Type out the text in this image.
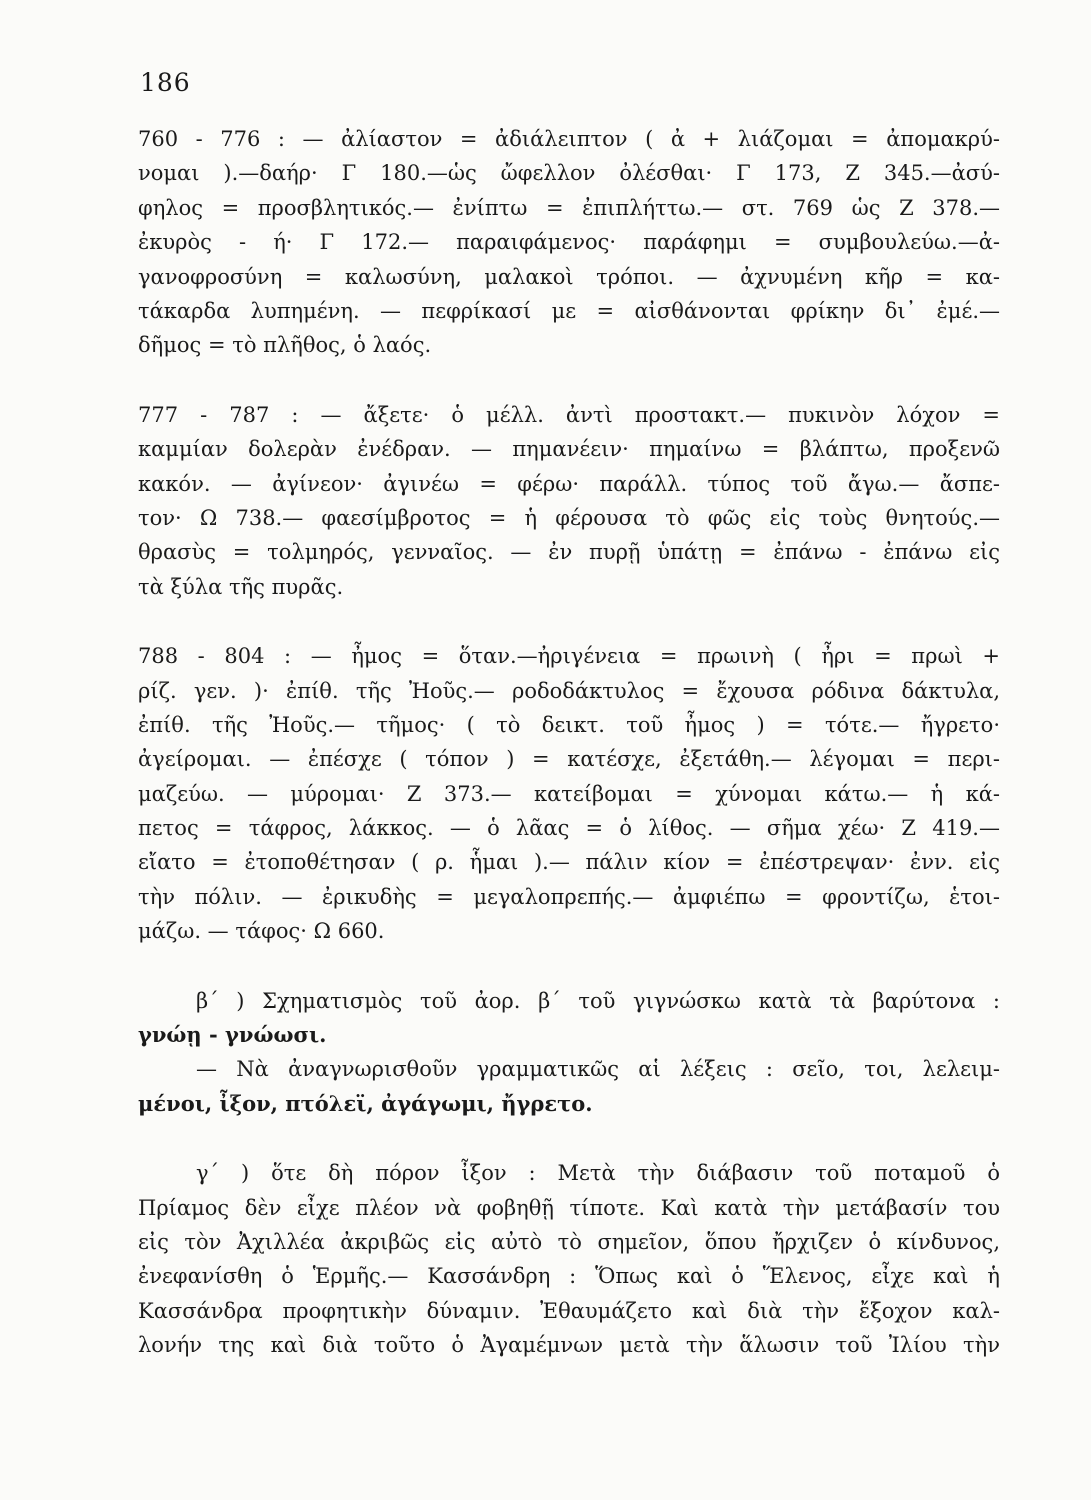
186
760 - 776 : — ἀλίαστον = ἀδιάλειπτον ( ἀ + λιάζομαι = ἀπομακρύ-
νομαι ).—δαήρ· Γ 180.—ὡς ὤφελλον ὀλέσθαι· Γ 173, Ζ 345.—ἀσύ-
φηλος = προσβλητικός.— ἐνίπτω = ἐπιπλήττω.— στ. 769 ὡς Ζ 378.—
ἐκυρὸς - ή· Γ 172.— παραιφάμενος· παράφημι = συμβουλεύω.—ἀ-
γανοφροσύνη = καλωσύνη, μαλακοὶ τρόποι. — ἀχνυμένη κῆρ = κα-
τάκαρδα λυπημένη. — πεφρίκασί με = αἰσθάνονται φρίκην δι᾽ ἐμέ.—
δῆμος = τὸ πλῆθος, ὁ λαός.
777 - 787 : — ἄξετε· ὁ μέλλ. ἀντὶ προστακτ.— πυκινὸν λόχον =
καμμίαν δολερὰν ἐνέδραν. — πημανέειν· πημαίνω = βλάπτω, προξενῶ
κακόν. — ἀγίνεον· ἀγινέω = φέρω· παράλλ. τύπος τοῦ ἄγω.— ἄσπε-
τον· Ω 738.— φαεσίμβροτος = ἡ φέρουσα τὸ φῶς εἰς τοὺς θνητούς.—
θρασὺς = τολμηρός, γενναῖος. — ἐν πυρῇ ὑπάτῃ = ἐπάνω - ἐπάνω εἰς
τὰ ξύλα τῆς πυρᾶς.
788 - 804 : — ἦμος = ὅταν.—ἠριγένεια = πρωινὴ ( ἦρι = πρωὶ +
ρίζ. γεν. )· ἐπίθ. τῆς Ἠοῦς.— ροδοδάκτυλος = ἔχουσα ρόδινα δάκτυλα,
ἐπίθ. τῆς Ἠοῦς.— τῆμος· ( τὸ δεικτ. τοῦ ἦμος ) = τότε.— ἤγρετο·
ἀγείρομαι. — ἐπέσχε ( τόπον ) = κατέσχε, ἐξετάθη.— λέγομαι = περι-
μαζεύω. — μύρομαι· Ζ 373.— κατείβομαι = χύνομαι κάτω.— ἡ κά-
πετος = τάφρος, λάκκος. — ὁ λᾶας = ὁ λίθος. — σῆμα χέω· Ζ 419.—
εἴατο = ἐτοποθέτησαν ( ρ. ἧμαι ).— πάλιν κίον = ἐπέστρεψαν· ἐνν. εἰς
τὴν πόλιν. — ἐρικυδὴς = μεγαλοπρεπής.— ἀμφιέπω = φροντίζω, ἑτοι-
μάζω. — τάφος· Ω 660.
β΄ ) Σχηματισμὸς τοῦ ἀορ. β΄ τοῦ γιγνώσκω κατὰ τὰ βαρύτονα :
γνώῃ - γνώωσι.
— Νὰ ἀναγνωρισθοῦν γραμματικῶς αἱ λέξεις : σεῖο, τοι, λελειμ-
μένοι, ἶξον, πτόλεϊ, ἀγάγωμι, ἤγρετο.
γ΄ ) ὅτε δὴ πόρον ἶξον : Μετὰ τὴν διάβασιν τοῦ ποταμοῦ ὁ
Πρίαμος δὲν εἶχε πλέον νὰ φοβηθῇ τίποτε. Καὶ κατὰ τὴν μετάβασίν του
εἰς τὸν Ἀχιλλέα ἀκριβῶς εἰς αὐτὸ τὸ σημεῖον, ὅπου ἤρχιζεν ὁ κίνδυνος,
ἐνεφανίσθη ὁ Ἑρμῆς.— Κασσάνδρη : Ὅπως καὶ ὁ Ἕλενος, εἶχε καὶ ἡ
Κασσάνδρα προφητικὴν δύναμιν. Ἐθαυμάζετο καὶ διὰ τὴν ἔξοχον καλ-
λονήν της καὶ διὰ τοῦτο ὁ Ἀγαμέμνων μετὰ τὴν ἅλωσιν τοῦ Ἰλίου τὴν
